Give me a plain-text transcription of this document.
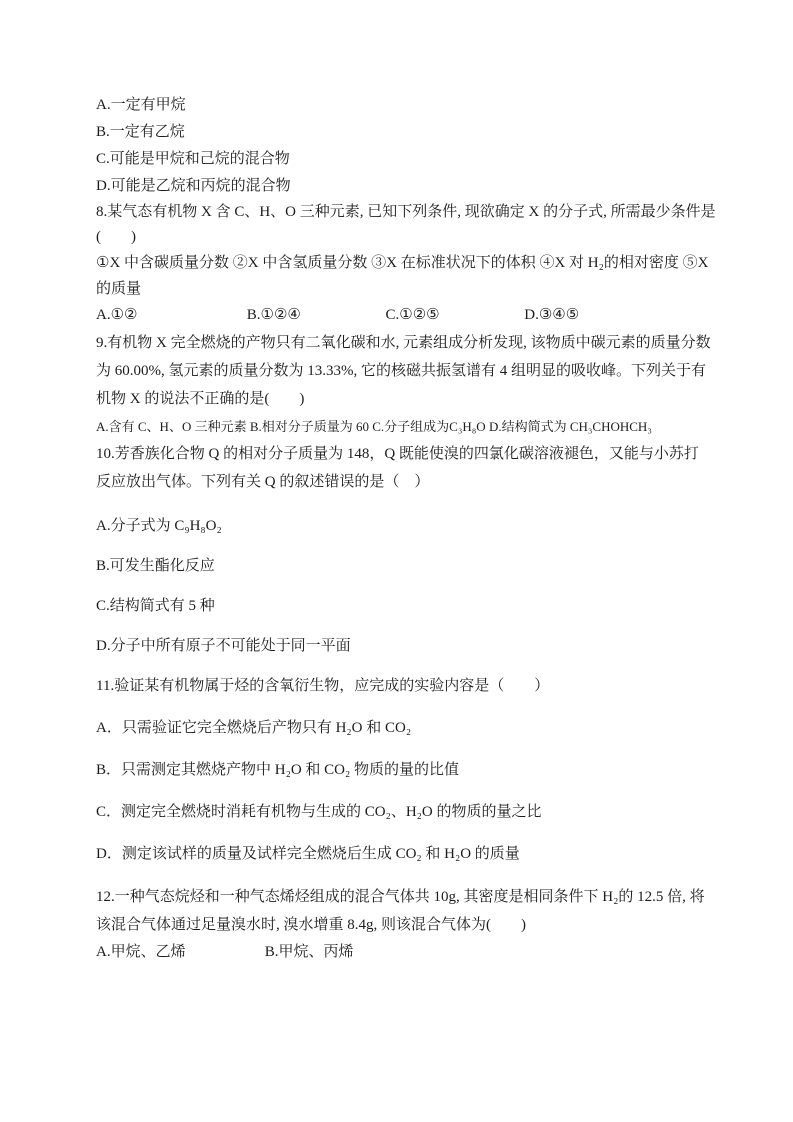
A.一定有甲烷

B.一定有乙烷

C.可能是甲烷和己烷的混合物

D.可能是乙烷和丙烷的混合物

8.某气态有机物 X 含 C、H、O 三种元素, 已知下列条件, 现欲确定 X 的分子式, 所需最少条件是
(　　)

①X 中含碳质量分数 ②X 中含氢质量分数 ③X 在标准状况下的体积 ④X 对 H₂的相对密度 ⑤X
的质量

A.①②	B.①②④	C.①②⑤	D.③④⑤

9.有机物 X 完全燃烧的产物只有二氧化碳和水, 元素组成分析发现, 该物质中碳元素的质量分数
为 60.00%, 氢元素的质量分数为 13.33%, 它的核磁共振氢谱有 4 组明显的吸收峰。下列关于有
机物 X 的说法不正确的是(　　)

A.含有 C、H、O 三种元素 B.相对分子质量为 60 C.分子组成为C₃H₈O D.结构简式为 CH₃CHOHCH₃

10.芳香族化合物 Q 的相对分子质量为 148，Q 既能使溴的四氯化碳溶液褪色，又能与小苏打
反应放出气体。下列有关 Q 的叙述错误的是（　）

A.分子式为 C₉H₈O₂

B.可发生酯化反应

C.结构简式有 5 种

D.分子中所有原子不可能处于同一平面

11.验证某有机物属于烃的含氧衍生物，应完成的实验内容是（　　）

A．只需验证它完全燃烧后产物只有 H₂O 和 CO₂

B．只需测定其燃烧产物中 H₂O 和 CO₂ 物质的量的比值

C．测定完全燃烧时消耗有机物与生成的 CO₂、H₂O 的物质的量之比

D．测定该试样的质量及试样完全燃烧后生成 CO₂ 和 H₂O 的质量

12.一种气态烷烃和一种气态烯烃组成的混合气体共 10g, 其密度是相同条件下 H₂的 12.5 倍, 将
该混合气体通过足量溴水时, 溴水增重 8.4g, 则该混合气体为(　　)

A.甲烷、乙烯	B.甲烷、丙烯
